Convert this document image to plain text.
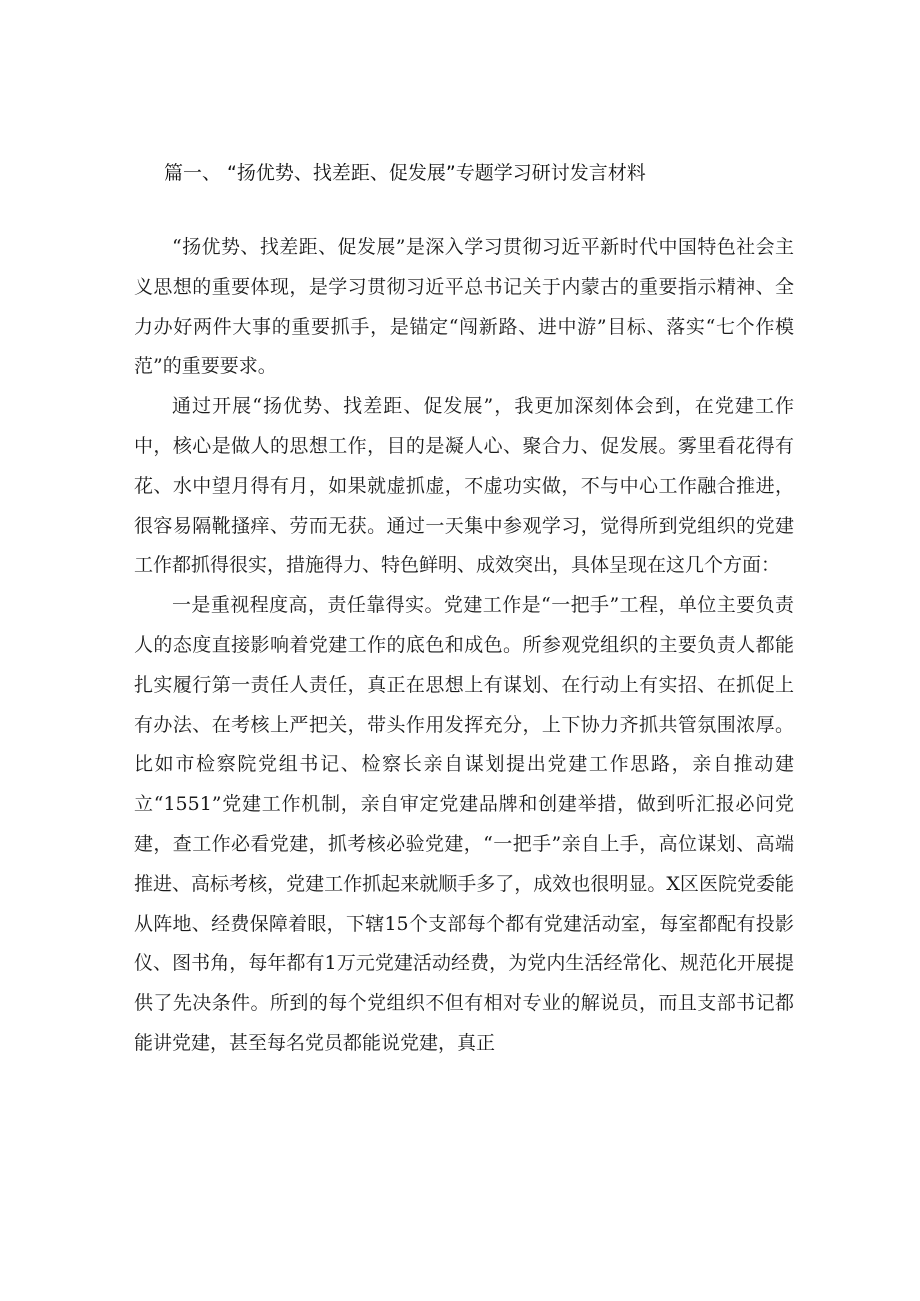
篇一、 “扬优势、找差距、促发展”专题学习研讨发言材料

“扬优势、找差距、促发展”是深入学习贯彻习近平新时代中国特色社会主义思想的重要体现，是学习贯彻习近平总书记关于内蒙古的重要指示精神、全力办好两件大事的重要抓手，是锚定“闯新路、进中游”目标、落实“七个作模范”的重要要求。

通过开展“扬优势、找差距、促发展”，我更加深刻体会到，在党建工作中，核心是做人的思想工作，目的是凝人心、聚合力、促发展。雾里看花得有花、水中望月得有月，如果就虚抓虚，不虚功实做，不与中心工作融合推进，很容易隔靴搔痒、劳而无获。通过一天集中参观学习，觉得所到党组织的党建工作都抓得很实，措施得力、特色鲜明、成效突出，具体呈现在这几个方面：

一是重视程度高，责任靠得实。党建工作是“一把手”工程，单位主要负责人的态度直接影响着党建工作的底色和成色。所参观党组织的主要负责人都能扎实履行第一责任人责任，真正在思想上有谋划、在行动上有实招、在抓促上有办法、在考核上严把关，带头作用发挥充分，上下协力齐抓共管氛围浓厚。比如市检察院党组书记、检察长亲自谋划提出党建工作思路，亲自推动建立“1551”党建工作机制，亲自审定党建品牌和创建举措，做到听汇报必问党建，查工作必看党建，抓考核必验党建，“一把手”亲自上手，高位谋划、高端推进、高标考核，党建工作抓起来就顺手多了，成效也很明显。X区医院党委能从阵地、经费保障着眼，下辖15个支部每个都有党建活动室，每室都配有投影仪、图书角，每年都有1万元党建活动经费，为党内生活经常化、规范化开展提供了先决条件。所到的每个党组织不但有相对专业的解说员，而且支部书记都能讲党建，甚至每名党员都能说党建，真正
